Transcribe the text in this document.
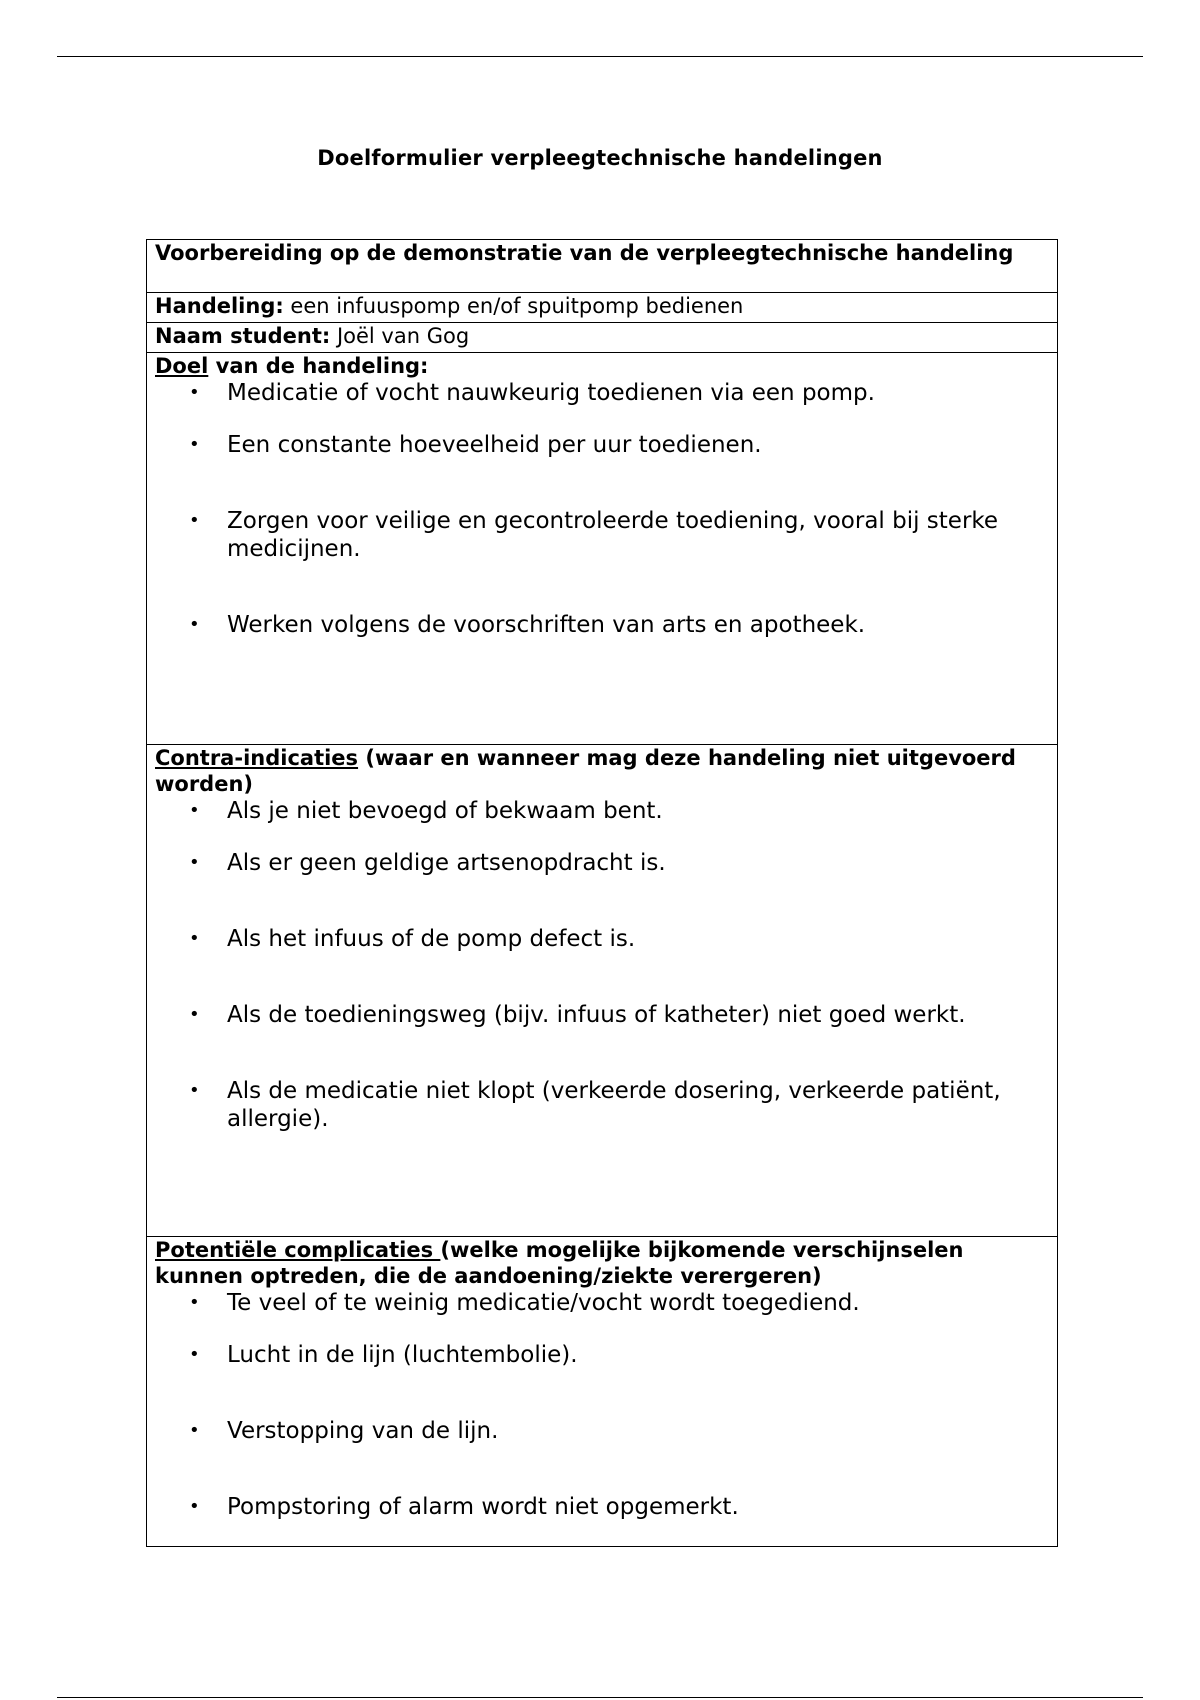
Doelformulier verpleegtechnische handelingen
Voorbereiding op de demonstratie van de verpleegtechnische handeling
Handeling: een infuuspomp en/of spuitpomp bedienen
Naam student: Joël van Gog
Doel van de handeling:
• Medicatie of vocht nauwkeurig toedienen via een pomp.
• Een constante hoeveelheid per uur toedienen.
• Zorgen voor veilige en gecontroleerde toediening, vooral bij sterke medicijnen.
• Werken volgens de voorschriften van arts en apotheek.
Contra-indicaties (waar en wanneer mag deze handeling niet uitgevoerd worden)
• Als je niet bevoegd of bekwaam bent.
• Als er geen geldige artsenopdracht is.
• Als het infuus of de pomp defect is.
• Als de toedieningsweg (bijv. infuus of katheter) niet goed werkt.
• Als de medicatie niet klopt (verkeerde dosering, verkeerde patiënt, allergie).
Potentiële complicaties (welke mogelijke bijkomende verschijnselen kunnen optreden, die de aandoening/ziekte verergeren)
• Te veel of te weinig medicatie/vocht wordt toegediend.
• Lucht in de lijn (luchtembolie).
• Verstopping van de lijn.
• Pompstoring of alarm wordt niet opgemerkt.
